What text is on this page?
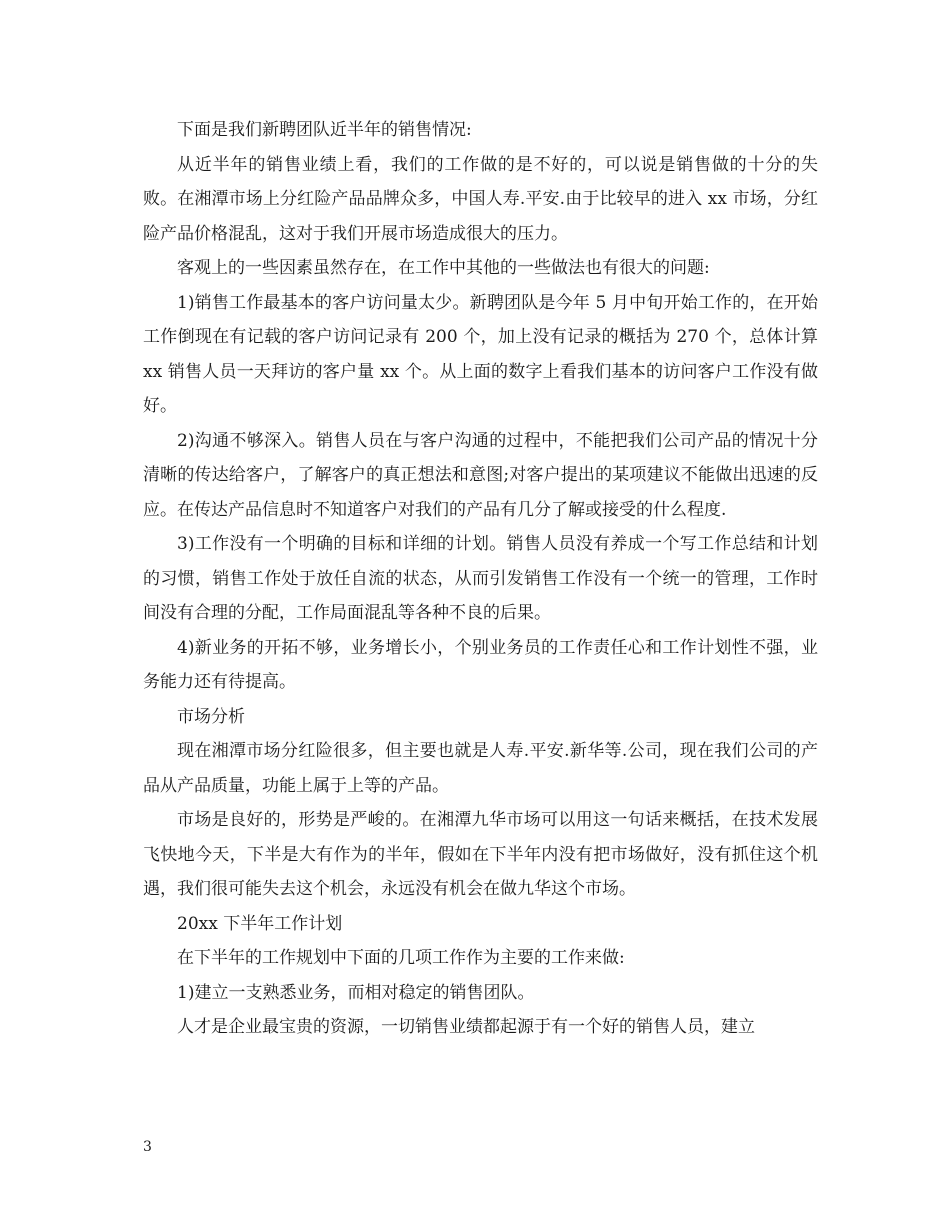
下面是我们新聘团队近半年的销售情况:

从近半年的销售业绩上看，我们的工作做的是不好的，可以说是销售做的十分的失败。在湘潭市场上分红险产品品牌众多，中国人寿.平安.由于比较早的进入 xx 市场，分红险产品价格混乱，这对于我们开展市场造成很大的压力。

客观上的一些因素虽然存在，在工作中其他的一些做法也有很大的问题:

1)销售工作最基本的客户访问量太少。新聘团队是今年 5 月中旬开始工作的，在开始工作倒现在有记载的客户访问记录有 200 个，加上没有记录的概括为 270 个，总体计算 xx 销售人员一天拜访的客户量 xx 个。从上面的数字上看我们基本的访问客户工作没有做好。

2)沟通不够深入。销售人员在与客户沟通的过程中，不能把我们公司产品的情况十分清晰的传达给客户，了解客户的真正想法和意图;对客户提出的某项建议不能做出迅速的反应。在传达产品信息时不知道客户对我们的产品有几分了解或接受的什么程度.

3)工作没有一个明确的目标和详细的计划。销售人员没有养成一个写工作总结和计划的习惯，销售工作处于放任自流的状态，从而引发销售工作没有一个统一的管理，工作时间没有合理的分配，工作局面混乱等各种不良的后果。

4)新业务的开拓不够，业务增长小，个别业务员的工作责任心和工作计划性不强，业务能力还有待提高。

市场分析

现在湘潭市场分红险很多，但主要也就是人寿.平安.新华等.公司，现在我们公司的产品从产品质量，功能上属于上等的产品。

市场是良好的，形势是严峻的。在湘潭九华市场可以用这一句话来概括，在技术发展飞快地今天，下半是大有作为的半年，假如在下半年内没有把市场做好，没有抓住这个机遇，我们很可能失去这个机会，永远没有机会在做九华这个市场。

20xx 下半年工作计划

在下半年的工作规划中下面的几项工作作为主要的工作来做:

1)建立一支熟悉业务，而相对稳定的销售团队。

人才是企业最宝贵的资源，一切销售业绩都起源于有一个好的销售人员，建立

3
